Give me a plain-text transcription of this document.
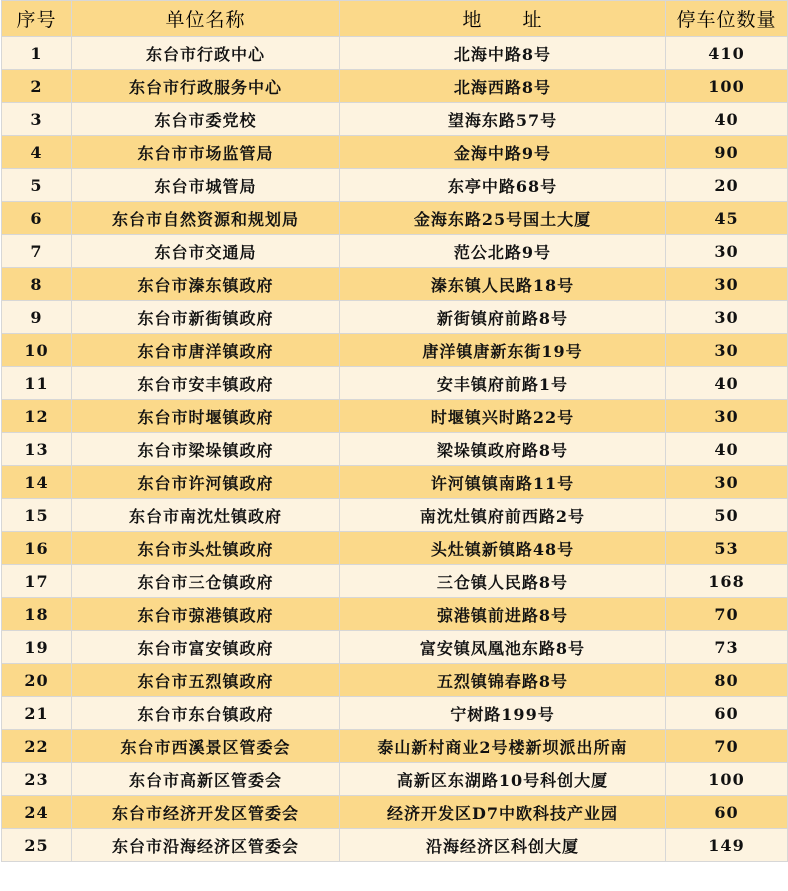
序号	单位名称	地　　址	停车位数量
1	东台市行政中心	北海中路8号	410
2	东台市行政服务中心	北海西路8号	100
3	东台市委党校	望海东路57号	40
4	东台市市场监管局	金海中路9号	90
5	东台市城管局	东亭中路68号	20
6	东台市自然资源和规划局	金海东路25号国土大厦	45
7	东台市交通局	范公北路9号	30
8	东台市溱东镇政府	溱东镇人民路18号	30
9	东台市新街镇政府	新街镇府前路8号	30
10	东台市唐洋镇政府	唐洋镇唐新东街19号	30
11	东台市安丰镇政府	安丰镇府前路1号	40
12	东台市时堰镇政府	时堰镇兴时路22号	30
13	东台市梁垛镇政府	梁垛镇政府路8号	40
14	东台市许河镇政府	许河镇镇南路11号	30
15	东台市南沈灶镇政府	南沈灶镇府前西路2号	50
16	东台市头灶镇政府	头灶镇新镇路48号	53
17	东台市三仓镇政府	三仓镇人民路8号	168
18	东台市弶港镇政府	弶港镇前进路8号	70
19	东台市富安镇政府	富安镇凤凰池东路8号	73
20	东台市五烈镇政府	五烈镇锦春路8号	80
21	东台市东台镇政府	宁树路199号	60
22	东台市西溪景区管委会	泰山新村商业2号楼新坝派出所南	70
23	东台市高新区管委会	高新区东湖路10号科创大厦	100
24	东台市经济开发区管委会	经济开发区D7中欧科技产业园	60
25	东台市沿海经济区管委会	沿海经济区科创大厦	149
